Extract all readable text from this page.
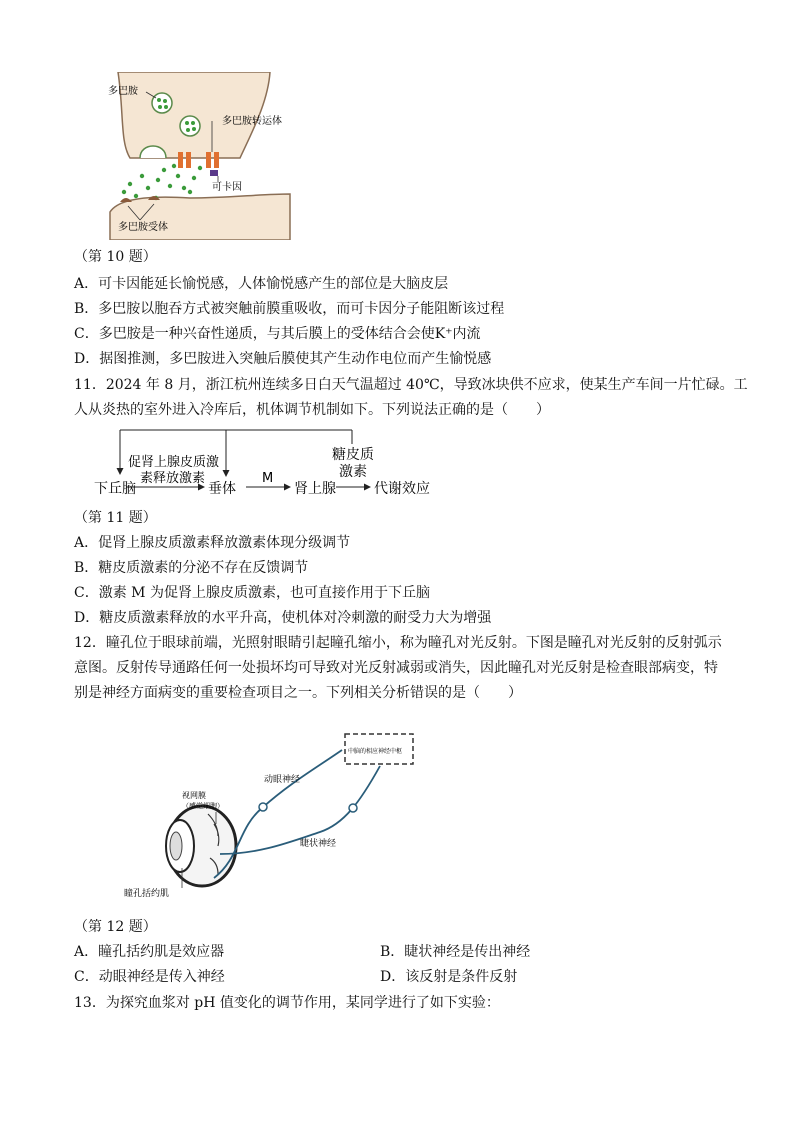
多巴胺
多巴胺转运体
可卡因
多巴胺受体
（第 10 题）
A．可卡因能延长愉悦感，人体愉悦感产生的部位是大脑皮层
B．多巴胺以胞吞方式被突触前膜重吸收，而可卡因分子能阻断该过程
C．多巴胺是一种兴奋性递质，与其后膜上的受体结合会使K⁺内流
D．据图推测，多巴胺进入突触后膜使其产生动作电位而产生愉悦感
11．2024 年 8 月，浙江杭州连续多日白天气温超过 40℃，导致冰块供不应求，使某生产车间一片忙碌。工
人从炎热的室外进入冷库后，机体调节机制如下。下列说法正确的是（　　）
下丘脑
促肾上腺皮质激
素释放激素
垂体
M
肾上腺
糖皮质
激素
代谢效应
（第 11 题）
A．促肾上腺皮质激素释放激素体现分级调节
B．糖皮质激素的分泌不存在反馈调节
C．激素 M 为促肾上腺皮质激素，也可直接作用于下丘脑
D．糖皮质激素释放的水平升高，使机体对冷刺激的耐受力大为增强
12．瞳孔位于眼球前端，光照射眼睛引起瞳孔缩小，称为瞳孔对光反射。下图是瞳孔对光反射的反射弧示
意图。反射传导通路任何一处损坏均可导致对光反射减弱或消失，因此瞳孔对光反射是检查眼部病变，特
别是神经方面病变的重要检查项目之一。下列相关分析错误的是（　　）
中脑的相应神经中枢
动眼神经
视网膜
（感觉细胞）
睫状神经
瞳孔括约肌
（第 12 题）
A．瞳孔括约肌是效应器	B．睫状神经是传出神经
C．动眼神经是传入神经	D．该反射是条件反射
13．为探究血浆对 pH 值变化的调节作用，某同学进行了如下实验：
